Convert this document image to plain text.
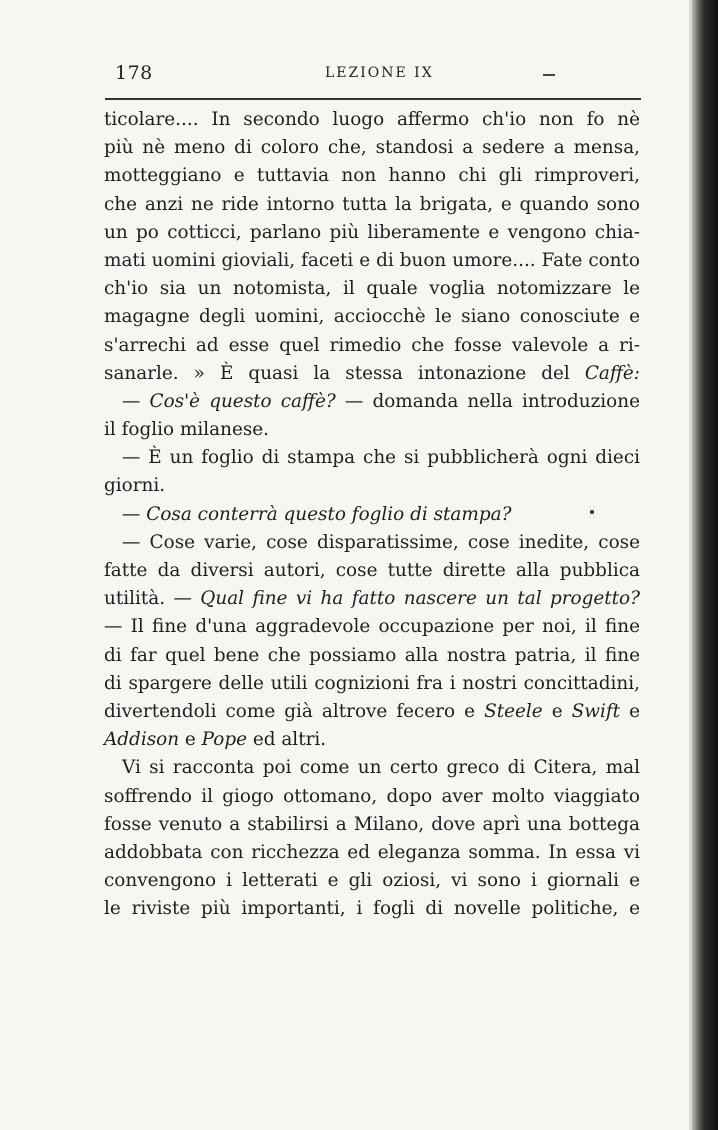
178	LEZIONE IX
ticolare.... In secondo luogo affermo ch'io non fo nè
più nè meno di coloro che, standosi a sedere a mensa,
motteggiano e tuttavia non hanno chi gli rimproveri,
che anzi ne ride intorno tutta la brigata, e quando sono
un po cotticci, parlano più liberamente e vengono chia-
mati uomini gioviali, faceti e di buon umore.... Fate conto
ch'io sia un notomista, il quale voglia notomizzare le
magagne degli uomini, acciocchè le siano conosciute e
s'arrechi ad esse quel rimedio che fosse valevole a ri-
sanarle. » È quasi la stessa intonazione del Caffè:
— Cos'è questo caffè? — domanda nella introduzione
il foglio milanese.
— È un foglio di stampa che si pubblicherà ogni dieci
giorni.
— Cosa conterrà questo foglio di stampa?
— Cose varie, cose disparatissime, cose inedite, cose
fatte da diversi autori, cose tutte dirette alla pubblica
utilità. — Qual fine vi ha fatto nascere un tal progetto?
— Il fine d'una aggradevole occupazione per noi, il fine
di far quel bene che possiamo alla nostra patria, il fine
di spargere delle utili cognizioni fra i nostri concittadini,
divertendoli come già altrove fecero e Steele e Swift e
Addison e Pope ed altri.
Vi si racconta poi come un certo greco di Citera, mal
soffrendo il giogo ottomano, dopo aver molto viaggiato
fosse venuto a stabilirsi a Milano, dove aprì una bottega
addobbata con ricchezza ed eleganza somma. In essa vi
convengono i letterati e gli oziosi, vi sono i giornali e
le riviste più importanti, i fogli di novelle politiche, e
